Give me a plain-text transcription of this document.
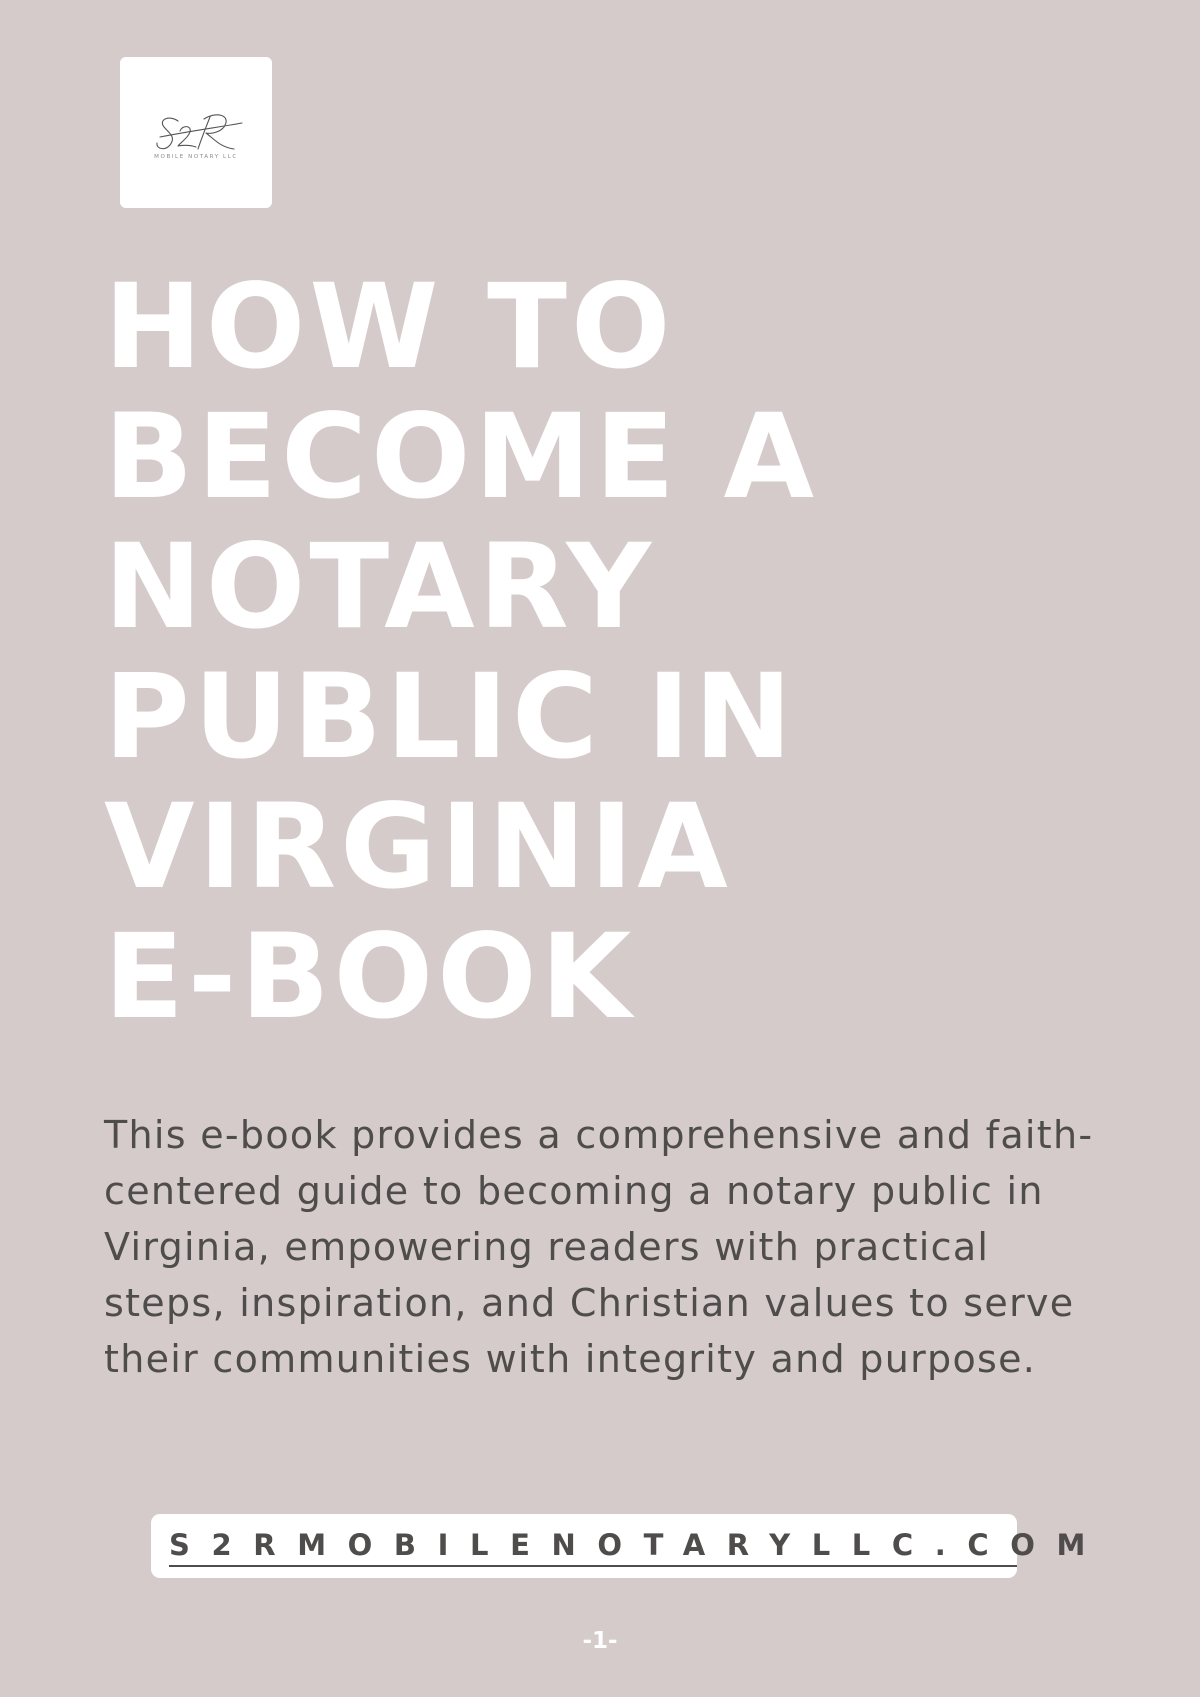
MOBILE NOTARY LLC
HOW TO
BECOME A
NOTARY
PUBLIC IN
VIRGINIA
E-BOOK

This e-book provides a comprehensive and faith-centered guide to becoming a notary public in Virginia, empowering readers with practical steps, inspiration, and Christian values to serve their communities with integrity and purpose.

S2RMOBILENOTARYLLC.COM
-1-
